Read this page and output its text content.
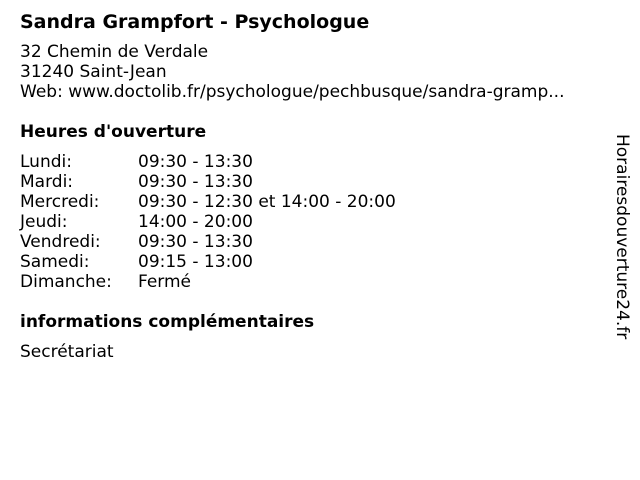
Sandra Grampfort - Psychologue
32 Chemin de Verdale
31240 Saint-Jean
Web: www.doctolib.fr/psychologue/pechbusque/sandra-gramp...
Heures d'ouverture
Lundi:	09:30 - 13:30
Mardi:	09:30 - 13:30
Mercredi:	09:30 - 12:30 et 14:00 - 20:00
Jeudi:	14:00 - 20:00
Vendredi:	09:30 - 13:30
Samedi:	09:15 - 13:00
Dimanche:	Fermé
informations complémentaires
Secrétariat
Horairesdouverture24.fr
